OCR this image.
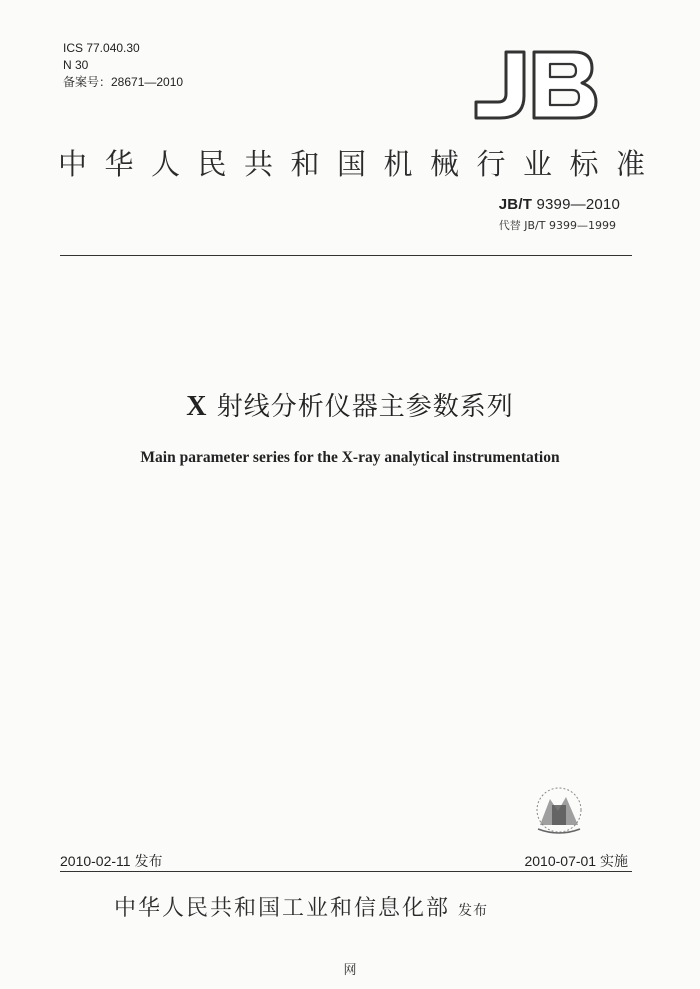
ICS 77.040.30
N 30
备案号：28671—2010
中华人民共和国机械行业标准
JB/T 9399—2010
代替 JB/T 9399—1999
X 射线分析仪器主参数系列
Main parameter series for the X-ray analytical instrumentation
2010-02-11 发布	2010-07-01 实施
中华人民共和国工业和信息化部 发布
网
